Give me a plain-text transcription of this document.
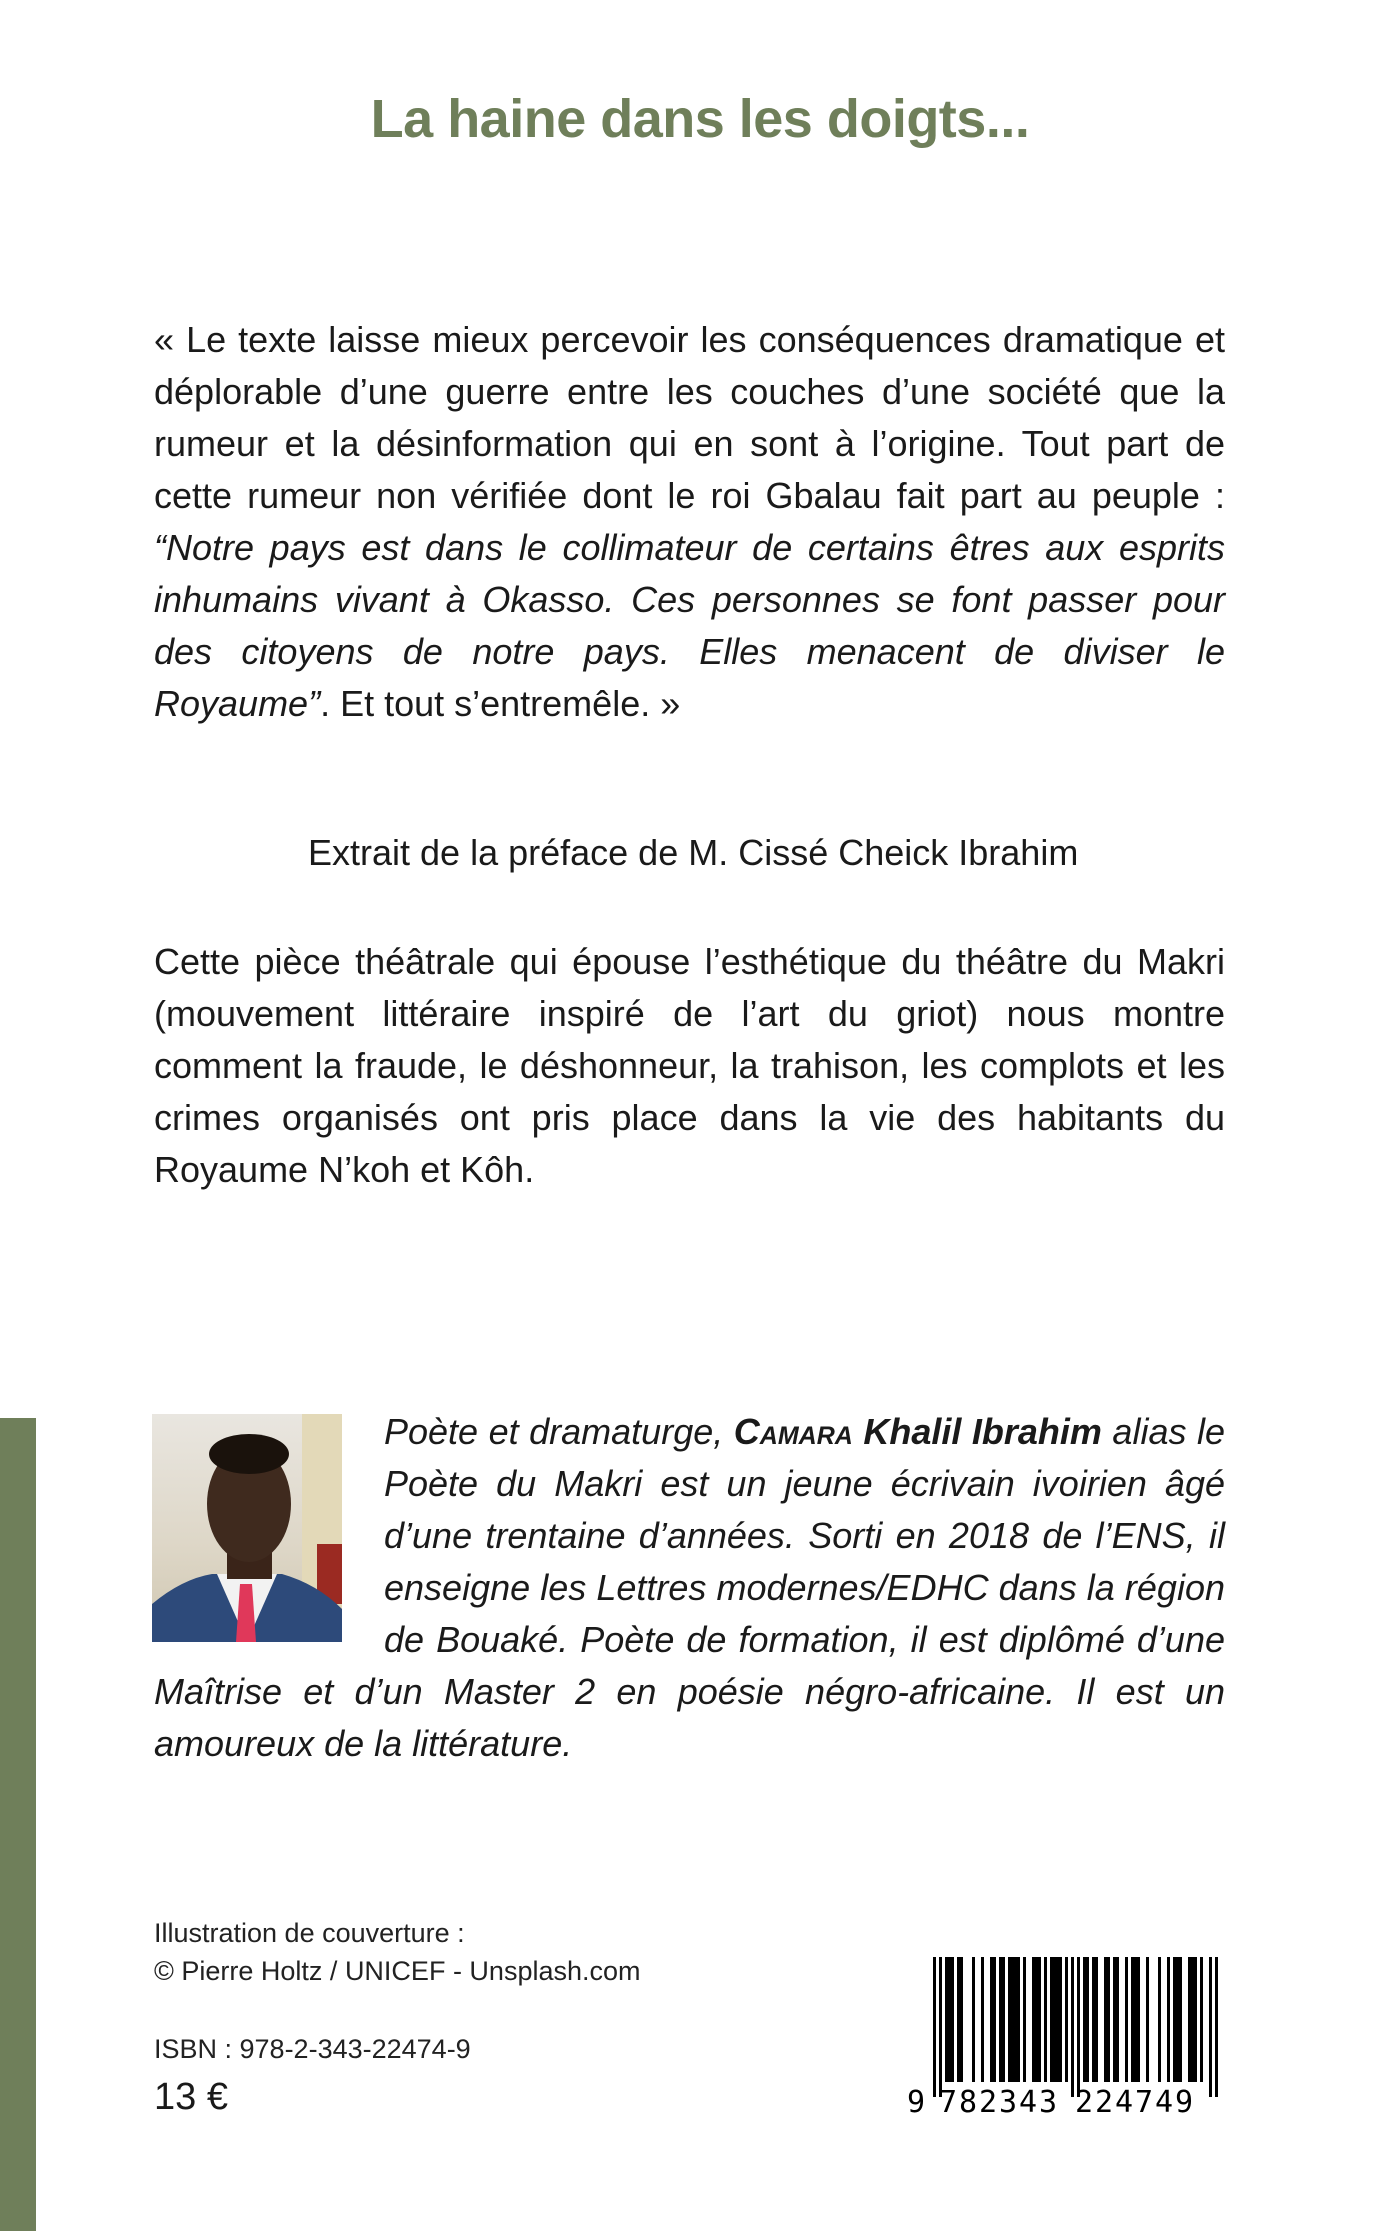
La haine dans les doigts...
« Le texte laisse mieux percevoir les conséquences dramatique et déplorable d’une guerre entre les couches d’une société que la rumeur et la désinformation qui en sont à l’origine. Tout part de cette rumeur non vérifiée dont le roi Gbalau fait part au peuple : “Notre pays est dans le collimateur de certains êtres aux esprits inhumains vivant à Okasso. Ces personnes se font passer pour des citoyens de notre pays. Elles menacent de diviser le Royaume”. Et tout s’entremêle. »
Extrait de la préface de M. Cissé Cheick Ibrahim
Cette pièce théâtrale qui épouse l’esthétique du théâtre du Makri (mouvement littéraire inspiré de l’art du griot) nous montre comment la fraude, le déshonneur, la trahison, les complots et les crimes organisés ont pris place dans la vie des habitants du Royaume N’koh et Kôh.
Poète et dramaturge, Camara Khalil Ibrahim alias le Poète du Makri est un jeune écrivain ivoirien âgé d’une trentaine d’années. Sorti en 2018 de l’ENS, il enseigne les Lettres modernes/EDHC dans la région de Bouaké. Poète de formation, il est diplômé d’une Maîtrise et d’un Master 2 en poésie négro-africaine. Il est un amoureux de la littérature.
Illustration de couverture :
© Pierre Holtz / UNICEF - Unsplash.com
ISBN : 978-2-343-22474-9
13 €	9 782343 224749
